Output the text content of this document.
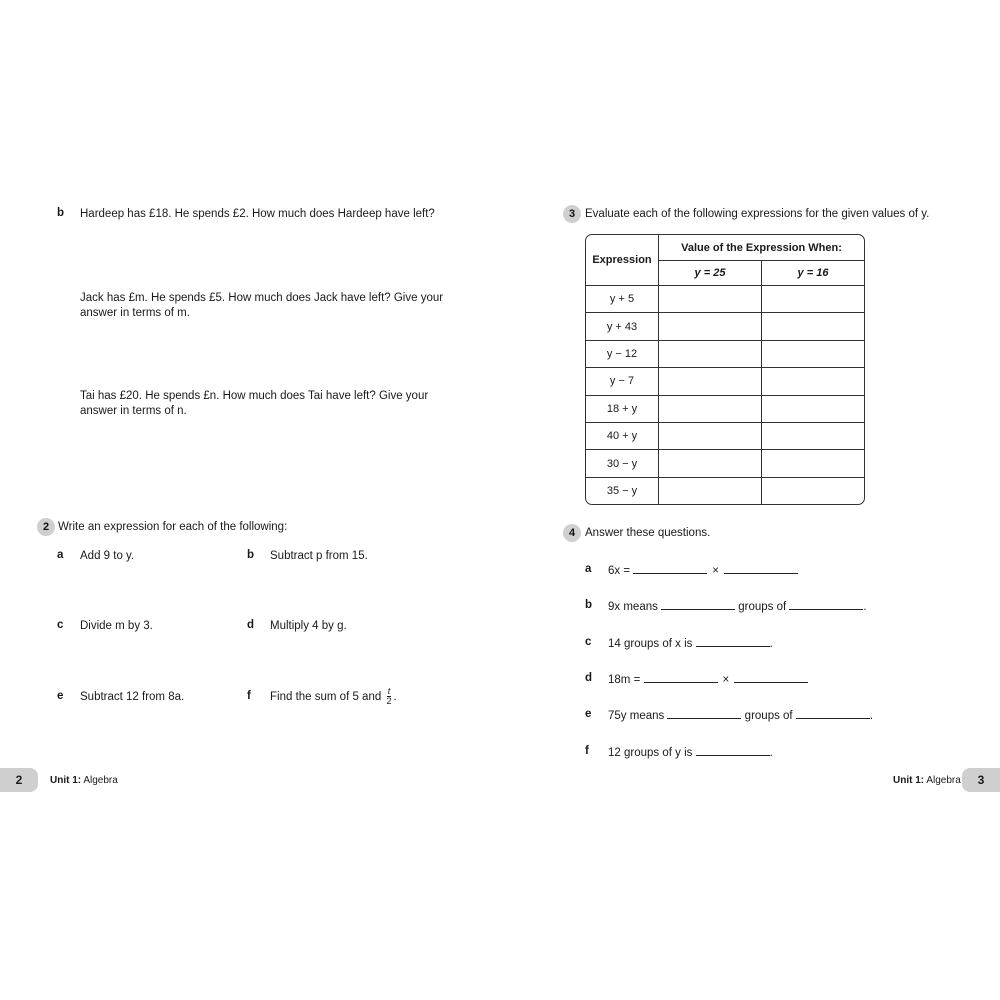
b Hardeep has £18. He spends £2. How much does Hardeep have left?
Jack has £m. He spends £5. How much does Jack have left? Give your
answer in terms of m.
Tai has £20. He spends £n. How much does Tai have left? Give your
answer in terms of n.
2 Write an expression for each of the following:
a Add 9 to y.	b Subtract p from 15.
c Divide m by 3.	d Multiply 4 by g.
e Subtract 12 from 8a.	f Find the sum of 5 and $\frac{t}{2}$ .
2	Unit 1: Algebra
3 Evaluate each of the following expressions for the given values of y.
Expression	Value of the Expression When:	
	y = 25	y = 16
y + 5		
y + 43		
y − 12		
y − 7		
18 + y		
40 + y		
30 − y		
35 − y		
4 Answer these questions.
a 6x =	×
b 9x means	groups of	.
c 14 groups of x is	.
d 18m =	×
e 75y means	groups of	.
f 12 groups of y is	.
Unit 1: Algebra	3
